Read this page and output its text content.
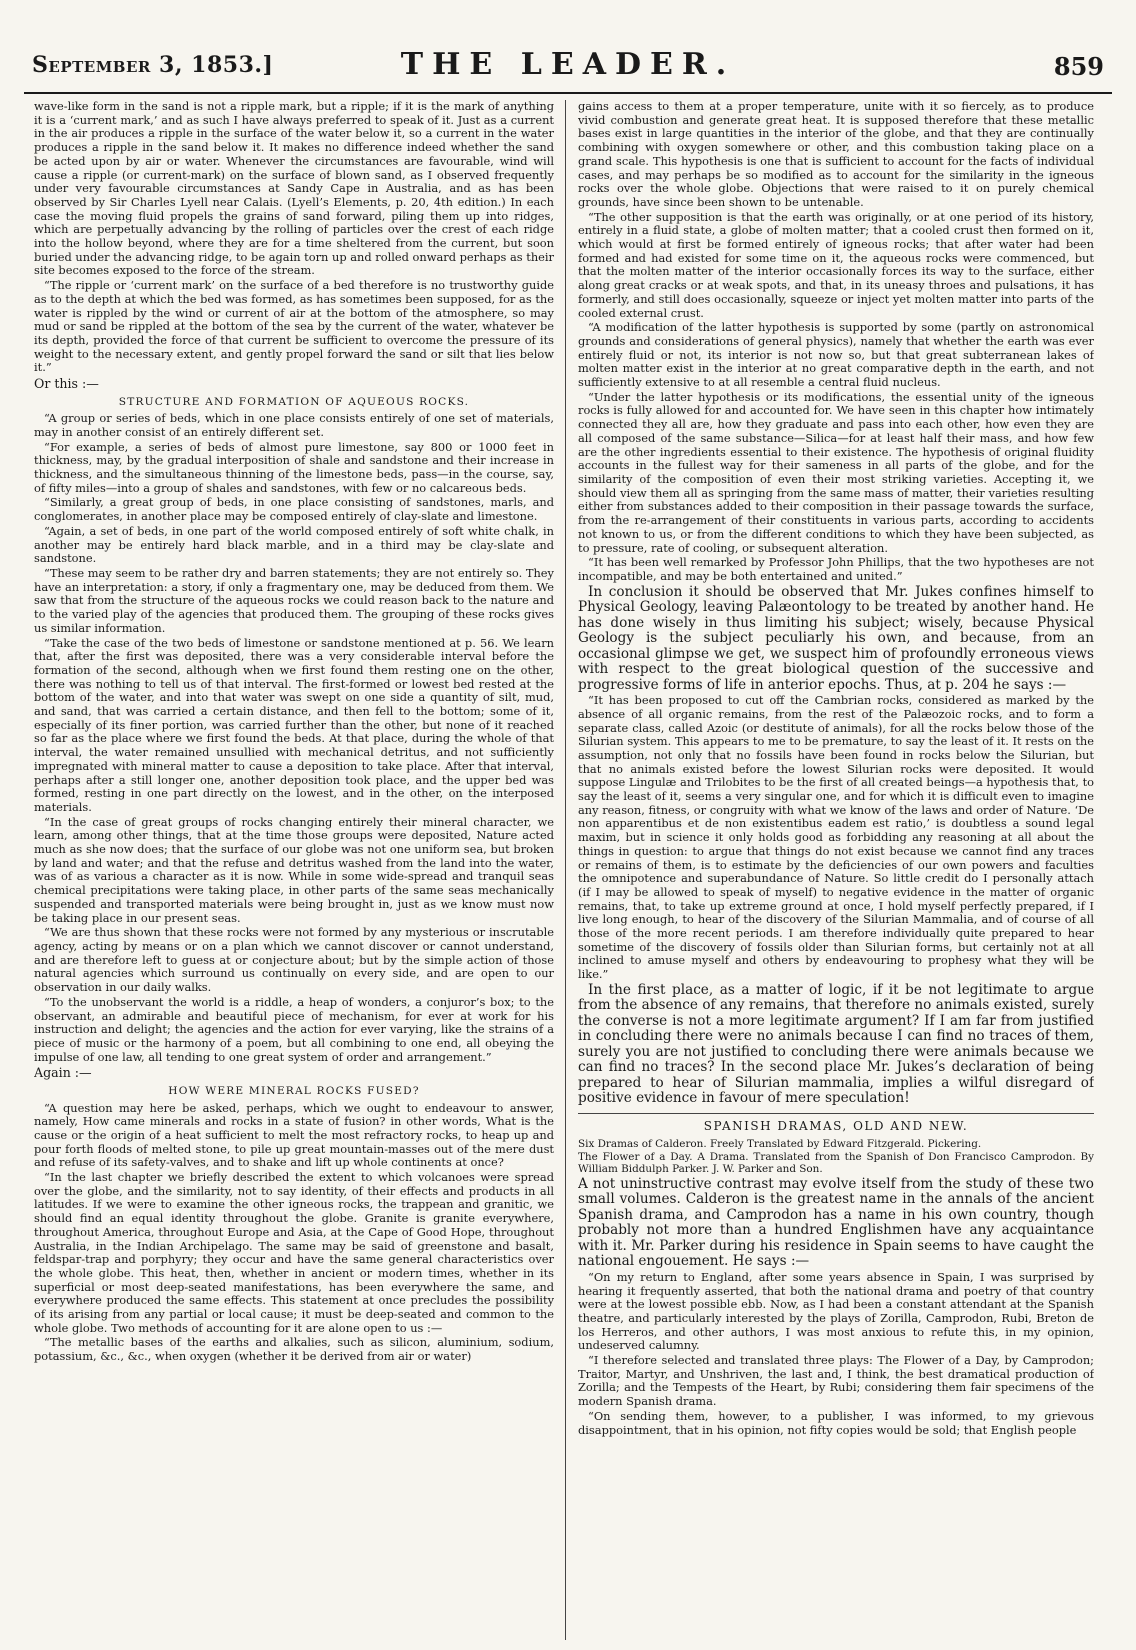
September 3, 1853.]	THE LEADER.	859

wave-like form in the sand is not a ripple mark, but a ripple; if it is the mark of anything it is a ‘current mark,’ and as such I have always preferred to speak of it. Just as a current in the air produces a ripple in the surface of the water below it, so a current in the water produces a ripple in the sand below it. It makes no difference indeed whether the sand be acted upon by air or water. Whenever the circumstances are favourable, wind will cause a ripple (or current-mark) on the surface of blown sand, as I observed frequently under very favourable circumstances at Sandy Cape in Australia, and as has been observed by Sir Charles Lyell near Calais. (Lyell’s Elements, p. 20, 4th edition.) In each case the moving fluid propels the grains of sand forward, piling them up into ridges, which are perpetually advancing by the rolling of particles over the crest of each ridge into the hollow beyond, where they are for a time sheltered from the current, but soon buried under the advancing ridge, to be again torn up and rolled onward perhaps as their site becomes exposed to the force of the stream.

“The ripple or ‘current mark’ on the surface of a bed therefore is no trustworthy guide as to the depth at which the bed was formed, as has sometimes been supposed, for as the water is rippled by the wind or current of air at the bottom of the atmosphere, so may mud or sand be rippled at the bottom of the sea by the current of the water, whatever be its depth, provided the force of that current be sufficient to overcome the pressure of its weight to the necessary extent, and gently propel forward the sand or silt that lies below it.”

Or this :—

STRUCTURE AND FORMATION OF AQUEOUS ROCKS.

“A group or series of beds, which in one place consists entirely of one set of materials, may in another consist of an entirely different set.

“For example, a series of beds of almost pure limestone, say 800 or 1000 feet in thickness, may, by the gradual interposition of shale and sandstone and their increase in thickness, and the simultaneous thinning of the limestone beds, pass—in the course, say, of fifty miles—into a group of shales and sandstones, with few or no calcareous beds.

“Similarly, a great group of beds, in one place consisting of sandstones, marls, and conglomerates, in another place may be composed entirely of clay-slate and limestone.

“Again, a set of beds, in one part of the world composed entirely of soft white chalk, in another may be entirely hard black marble, and in a third may be clay-slate and sandstone.

“These may seem to be rather dry and barren statements; they are not entirely so. They have an interpretation: a story, if only a fragmentary one, may be deduced from them. We saw that from the structure of the aqueous rocks we could reason back to the nature and to the varied play of the agencies that produced them. The grouping of these rocks gives us similar information.

“Take the case of the two beds of limestone or sandstone mentioned at p. 56. We learn that, after the first was deposited, there was a very considerable interval before the formation of the second, although when we first found them resting one on the other, there was nothing to tell us of that interval. The first-formed or lowest bed rested at the bottom of the water, and into that water was swept on one side a quantity of silt, mud, and sand, that was carried a certain distance, and then fell to the bottom; some of it, especially of its finer portion, was carried further than the other, but none of it reached so far as the place where we first found the beds. At that place, during the whole of that interval, the water remained unsullied with mechanical detritus, and not sufficiently impregnated with mineral matter to cause a deposition to take place. After that interval, perhaps after a still longer one, another deposition took place, and the upper bed was formed, resting in one part directly on the lowest, and in the other, on the interposed materials.

“In the case of great groups of rocks changing entirely their mineral character, we learn, among other things, that at the time those groups were deposited, Nature acted much as she now does; that the surface of our globe was not one uniform sea, but broken by land and water; and that the refuse and detritus washed from the land into the water, was of as various a character as it is now. While in some wide-spread and tranquil seas chemical precipitations were taking place, in other parts of the same seas mechanically suspended and transported materials were being brought in, just as we know must now be taking place in our present seas.

“We are thus shown that these rocks were not formed by any mysterious or inscrutable agency, acting by means or on a plan which we cannot discover or cannot understand, and are therefore left to guess at or conjecture about; but by the simple action of those natural agencies which surround us continually on every side, and are open to our observation in our daily walks.

“To the unobservant the world is a riddle, a heap of wonders, a conjuror’s box; to the observant, an admirable and beautiful piece of mechanism, for ever at work for his instruction and delight; the agencies and the action for ever varying, like the strains of a piece of music or the harmony of a poem, but all combining to one end, all obeying the impulse of one law, all tending to one great system of order and arrangement.”

Again :—

HOW WERE MINERAL ROCKS FUSED?

“A question may here be asked, perhaps, which we ought to endeavour to answer, namely, How came minerals and rocks in a state of fusion? in other words, What is the cause or the origin of a heat sufficient to melt the most refractory rocks, to heap up and pour forth floods of melted stone, to pile up great mountain-masses out of the mere dust and refuse of its safety-valves, and to shake and lift up whole continents at once?

“In the last chapter we briefly described the extent to which volcanoes were spread over the globe, and the similarity, not to say identity, of their effects and products in all latitudes. If we were to examine the other igneous rocks, the trappean and granitic, we should find an equal identity throughout the globe. Granite is granite everywhere, throughout America, throughout Europe and Asia, at the Cape of Good Hope, throughout Australia, in the Indian Archipelago. The same may be said of greenstone and basalt, feldspar-trap and porphyry; they occur and have the same general characteristics over the whole globe. This heat, then, whether in ancient or modern times, whether in its superficial or most deep-seated manifestations, has been everywhere the same, and everywhere produced the same effects. This statement at once precludes the possibility of its arising from any partial or local cause; it must be deep-seated and common to the whole globe. Two methods of accounting for it are alone open to us :—

“The metallic bases of the earths and alkalies, such as silicon, aluminium, sodium, potassium, &c., &c., when oxygen (whether it be derived from air or water)

gains access to them at a proper temperature, unite with it so fiercely, as to produce vivid combustion and generate great heat. It is supposed therefore that these metallic bases exist in large quantities in the interior of the globe, and that they are continually combining with oxygen somewhere or other, and this combustion taking place on a grand scale. This hypothesis is one that is sufficient to account for the facts of individual cases, and may perhaps be so modified as to account for the similarity in the igneous rocks over the whole globe. Objections that were raised to it on purely chemical grounds, have since been shown to be untenable.

“The other supposition is that the earth was originally, or at one period of its history, entirely in a fluid state, a globe of molten matter; that a cooled crust then formed on it, which would at first be formed entirely of igneous rocks; that after water had been formed and had existed for some time on it, the aqueous rocks were commenced, but that the molten matter of the interior occasionally forces its way to the surface, either along great cracks or at weak spots, and that, in its uneasy throes and pulsations, it has formerly, and still does occasionally, squeeze or inject yet molten matter into parts of the cooled external crust.

“A modification of the latter hypothesis is supported by some (partly on astronomical grounds and considerations of general physics), namely that whether the earth was ever entirely fluid or not, its interior is not now so, but that great subterranean lakes of molten matter exist in the interior at no great comparative depth in the earth, and not sufficiently extensive to at all resemble a central fluid nucleus.

“Under the latter hypothesis or its modifications, the essential unity of the igneous rocks is fully allowed for and accounted for. We have seen in this chapter how intimately connected they all are, how they graduate and pass into each other, how even they are all composed of the same substance—Silica—for at least half their mass, and how few are the other ingredients essential to their existence. The hypothesis of original fluidity accounts in the fullest way for their sameness in all parts of the globe, and for the similarity of the composition of even their most striking varieties. Accepting it, we should view them all as springing from the same mass of matter, their varieties resulting either from substances added to their composition in their passage towards the surface, from the re-arrangement of their constituents in various parts, according to accidents not known to us, or from the different conditions to which they have been subjected, as to pressure, rate of cooling, or subsequent alteration.

“It has been well remarked by Professor John Phillips, that the two hypotheses are not incompatible, and may be both entertained and united.”

In conclusion it should be observed that Mr. Jukes confines himself to Physical Geology, leaving Palæontology to be treated by another hand. He has done wisely in thus limiting his subject; wisely, because Physical Geology is the subject peculiarly his own, and because, from an occasional glimpse we get, we suspect him of profoundly erroneous views with respect to the great biological question of the successive and progressive forms of life in anterior epochs. Thus, at p. 204 he says :—

“It has been proposed to cut off the Cambrian rocks, considered as marked by the absence of all organic remains, from the rest of the Palæozoic rocks, and to form a separate class, called Azoic (or destitute of animals), for all the rocks below those of the Silurian system. This appears to me to be premature, to say the least of it. It rests on the assumption, not only that no fossils have been found in rocks below the Silurian, but that no animals existed before the lowest Silurian rocks were deposited. It would suppose Lingulæ and Trilobites to be the first of all created beings—a hypothesis that, to say the least of it, seems a very singular one, and for which it is difficult even to imagine any reason, fitness, or congruity with what we know of the laws and order of Nature. ‘De non apparentibus et de non existentibus eadem est ratio,’ is doubtless a sound legal maxim, but in science it only holds good as forbidding any reasoning at all about the things in question: to argue that things do not exist because we cannot find any traces or remains of them, is to estimate by the deficiencies of our own powers and faculties the omnipotence and superabundance of Nature. So little credit do I personally attach (if I may be allowed to speak of myself) to negative evidence in the matter of organic remains, that, to take up extreme ground at once, I hold myself perfectly prepared, if I live long enough, to hear of the discovery of the Silurian Mammalia, and of course of all those of the more recent periods. I am therefore individually quite prepared to hear sometime of the discovery of fossils older than Silurian forms, but certainly not at all inclined to amuse myself and others by endeavouring to prophesy what they will be like.”

In the first place, as a matter of logic, if it be not legitimate to argue from the absence of any remains, that therefore no animals existed, surely the converse is not a more legitimate argument? If I am far from justified in concluding there were no animals because I can find no traces of them, surely you are not justified to concluding there were animals because we can find no traces? In the second place Mr. Jukes’s declaration of being prepared to hear of Silurian mammalia, implies a wilful disregard of positive evidence in favour of mere speculation!

SPANISH DRAMAS, OLD AND NEW.

Six Dramas of Calderon. Freely Translated by Edward Fitzgerald. Pickering.

The Flower of a Day. A Drama. Translated from the Spanish of Don Francisco Camprodon. By William Biddulph Parker. J. W. Parker and Son.

A not uninstructive contrast may evolve itself from the study of these two small volumes. Calderon is the greatest name in the annals of the ancient Spanish drama, and Camprodon has a name in his own country, though probably not more than a hundred Englishmen have any acquaintance with it. Mr. Parker during his residence in Spain seems to have caught the national engouement. He says :—

“On my return to England, after some years absence in Spain, I was surprised by hearing it frequently asserted, that both the national drama and poetry of that country were at the lowest possible ebb. Now, as I had been a constant attendant at the Spanish theatre, and particularly interested by the plays of Zorilla, Camprodon, Rubi, Breton de los Herreros, and other authors, I was most anxious to refute this, in my opinion, undeserved calumny.

“I therefore selected and translated three plays: The Flower of a Day, by Camprodon; Traitor, Martyr, and Unshriven, the last and, I think, the best dramatical production of Zorilla; and the Tempests of the Heart, by Rubi; considering them fair specimens of the modern Spanish drama.

“On sending them, however, to a publisher, I was informed, to my grievous disappointment, that in his opinion, not fifty copies would be sold; that English people
